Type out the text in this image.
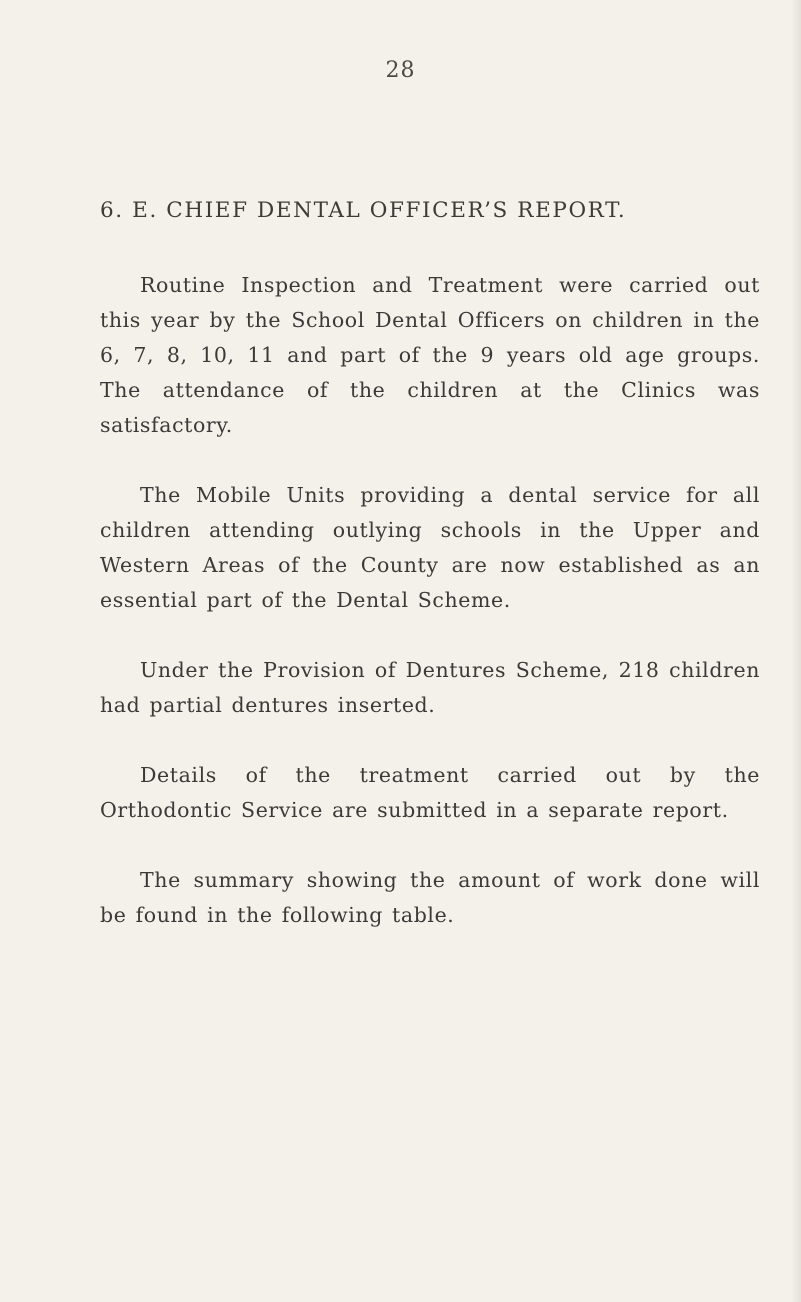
28
6. E. CHIEF DENTAL OFFICER’S REPORT.

Routine Inspection and Treatment were carried out this year by the School Dental Officers on children in the 6, 7, 8, 10, 11 and part of the 9 years old age groups. The attendance of the children at the Clinics was satisfactory.

The Mobile Units providing a dental service for all children attending outlying schools in the Upper and Western Areas of the County are now established as an essential part of the Dental Scheme.

Under the Provision of Dentures Scheme, 218 children had partial dentures inserted.

Details of the treatment carried out by the Orthodontic Service are submitted in a separate report.

The summary showing the amount of work done will be found in the following table.
